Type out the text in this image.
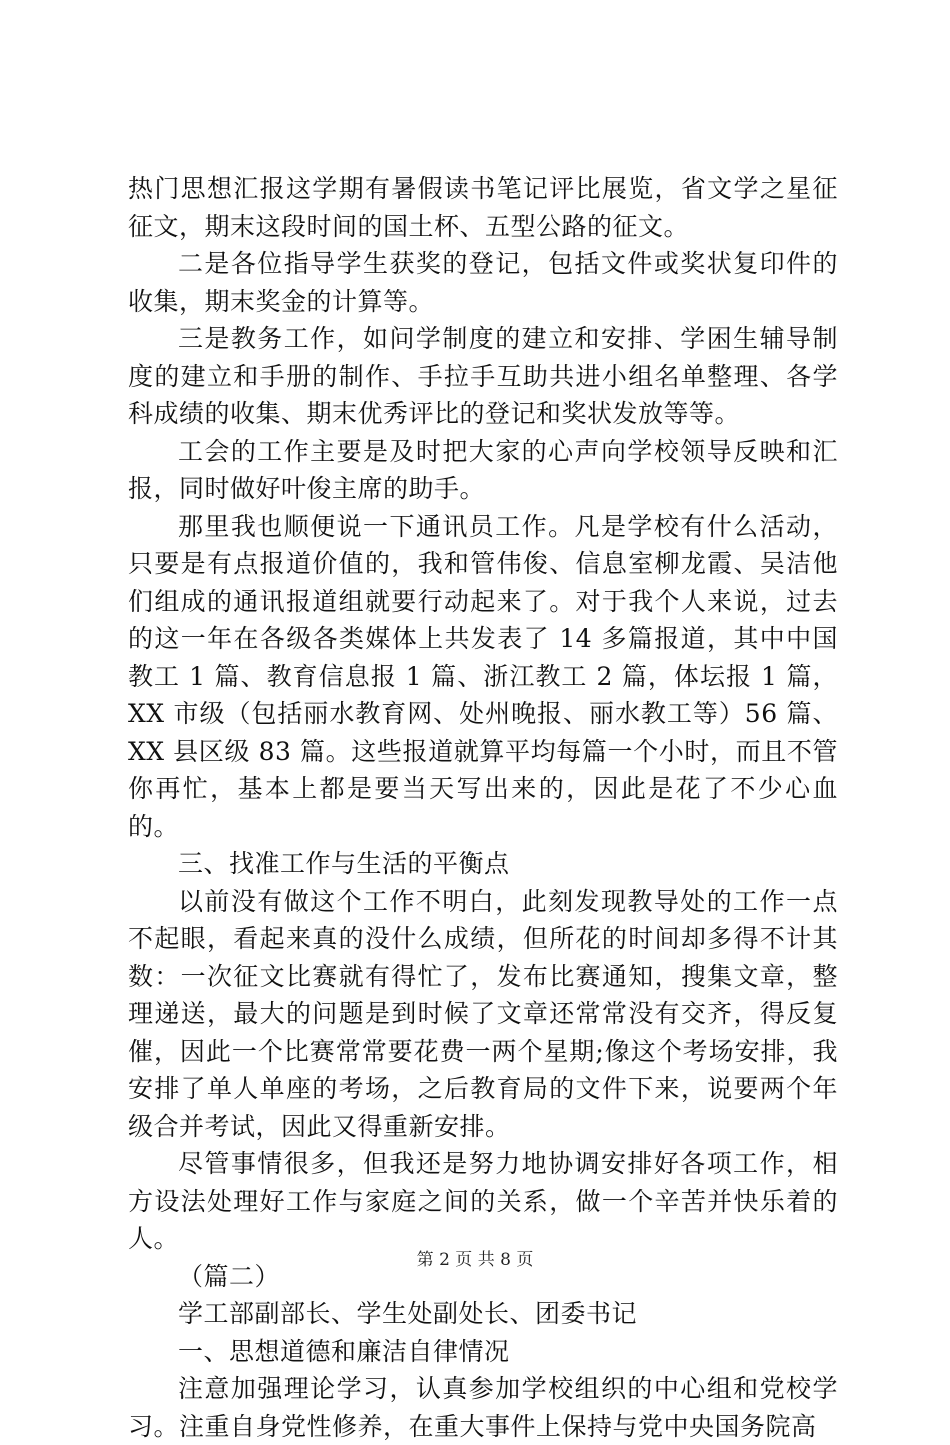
热门思想汇报这学期有暑假读书笔记评比展览，省文学之星征征文，期末这段时间的国土杯、五型公路的征文。

二是各位指导学生获奖的登记，包括文件或奖状复印件的收集，期末奖金的计算等。

三是教务工作，如问学制度的建立和安排、学困生辅导制度的建立和手册的制作、手拉手互助共进小组名单整理、各学科成绩的收集、期末优秀评比的登记和奖状发放等等。

工会的工作主要是及时把大家的心声向学校领导反映和汇报，同时做好叶俊主席的助手。

那里我也顺便说一下通讯员工作。凡是学校有什么活动，只要是有点报道价值的，我和管伟俊、信息室柳龙霞、吴洁他们组成的通讯报道组就要行动起来了。对于我个人来说，过去的这一年在各级各类媒体上共发表了 14 多篇报道，其中中国教工 1 篇、教育信息报 1 篇、浙江教工 2 篇，体坛报 1 篇，XX 市级（包括丽水教育网、处州晚报、丽水教工等）56 篇、XX 县区级 83 篇。这些报道就算平均每篇一个小时，而且不管你再忙，基本上都是要当天写出来的，因此是花了不少心血的。

三、找准工作与生活的平衡点

以前没有做这个工作不明白，此刻发现教导处的工作一点不起眼，看起来真的没什么成绩，但所花的时间却多得不计其数：一次征文比赛就有得忙了，发布比赛通知，搜集文章，整理递送，最大的问题是到时候了文章还常常没有交齐，得反复催，因此一个比赛常常要花费一两个星期;像这个考场安排，我安排了单人单座的考场，之后教育局的文件下来，说要两个年级合并考试，因此又得重新安排。

尽管事情很多，但我还是努力地协调安排好各项工作，相方设法处理好工作与家庭之间的关系，做一个辛苦并快乐着的人。

（篇二）

学工部副部长、学生处副处长、团委书记

一、思想道德和廉洁自律情况

注意加强理论学习，认真参加学校组织的中心组和党校学习。注重自身党性修养，在重大事件上保持与党中央国务院高

第 2 页 共 8 页
